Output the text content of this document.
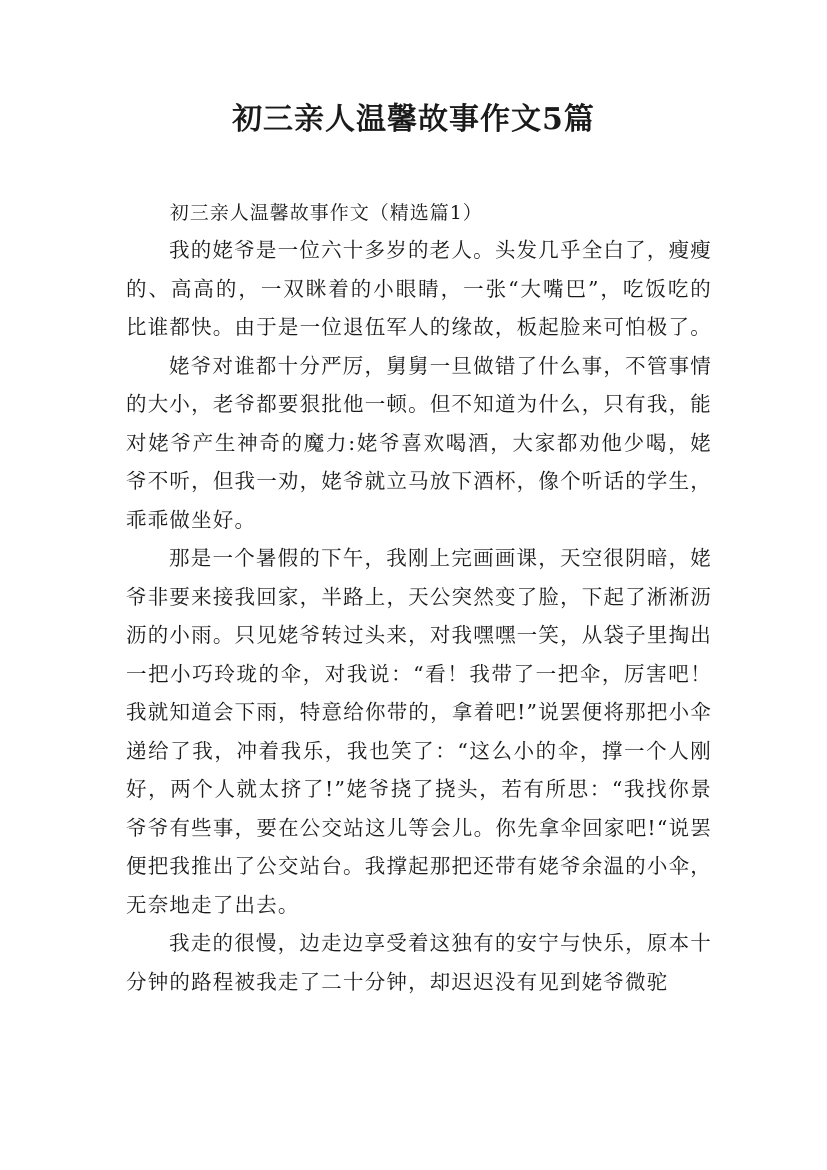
初三亲人温馨故事作文5篇

初三亲人温馨故事作文（精选篇1）

我的姥爷是一位六十多岁的老人。头发几乎全白了，瘦瘦的、高高的，一双眯着的小眼睛，一张“大嘴巴”，吃饭吃的比谁都快。由于是一位退伍军人的缘故，板起脸来可怕极了。

姥爷对谁都十分严厉，舅舅一旦做错了什么事，不管事情的大小，老爷都要狠批他一顿。但不知道为什么，只有我，能对姥爷产生神奇的魔力:姥爷喜欢喝酒，大家都劝他少喝，姥爷不听，但我一劝，姥爷就立马放下酒杯，像个听话的学生，乖乖做坐好。

那是一个暑假的下午，我刚上完画画课，天空很阴暗，姥爷非要来接我回家，半路上，天公突然变了脸，下起了淅淅沥沥的小雨。只见姥爷转过头来，对我嘿嘿一笑，从袋子里掏出一把小巧玲珑的伞，对我说：“看！我带了一把伞，厉害吧！我就知道会下雨，特意给你带的，拿着吧!”说罢便将那把小伞递给了我，冲着我乐，我也笑了：“这么小的伞，撑一个人刚好，两个人就太挤了!”姥爷挠了挠头，若有所思：“我找你景爷爷有些事，要在公交站这儿等会儿。你先拿伞回家吧!“说罢便把我推出了公交站台。我撑起那把还带有姥爷余温的小伞，无奈地走了出去。

我走的很慢，边走边享受着这独有的安宁与快乐，原本十分钟的路程被我走了二十分钟，却迟迟没有见到姥爷微驼
